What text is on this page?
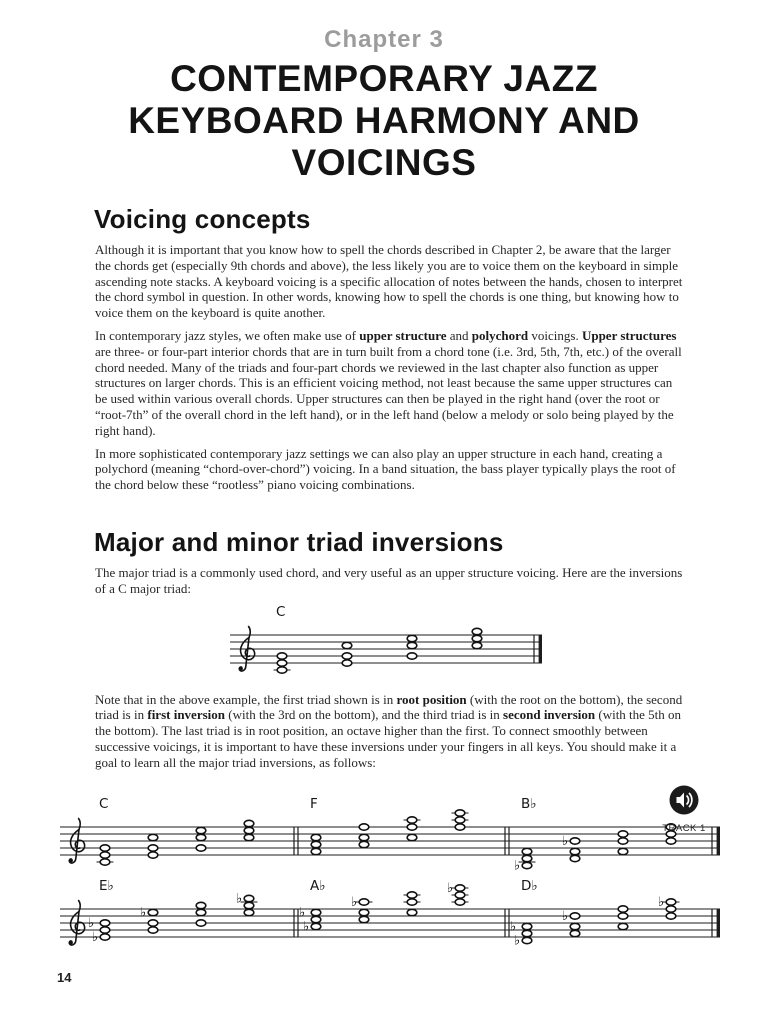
Chapter 3
CONTEMPORARY JAZZ
KEYBOARD HARMONY AND
VOICINGS
Voicing concepts

Although it is important that you know how to spell the chords described in Chapter 2, be aware that the larger the chords get (especially 9th chords and above), the less likely you are to voice them on the keyboard in simple ascending note stacks. A keyboard voicing is a specific allocation of notes between the hands, chosen to interpret the chord symbol in question. In other words, knowing how to spell the chords is one thing, but knowing how to voice them on the keyboard is quite another.

In contemporary jazz styles, we often make use of upper structure and polychord voicings. Upper structures are three- or four-part interior chords that are in turn built from a chord tone (i.e. 3rd, 5th, 7th, etc.) of the overall chord needed. Many of the triads and four-part chords we reviewed in the last chapter also function as upper structures on larger chords. This is an efficient voicing method, not least because the same upper structures can be used within various overall chords. Upper structures can then be played in the right hand (over the root or “root-7th” of the overall chord in the left hand), or in the left hand (below a melody or solo being played by the right hand).

In more sophisticated contemporary jazz settings we can also play an upper structure in each hand, creating a polychord (meaning “chord-over-chord”) voicing. In a band situation, the bass player typically plays the root of the chord below these “rootless” piano voicing combinations.

Major and minor triad inversions

The major triad is a commonly used chord, and very useful as an upper structure voicing. Here are the inversions of a C major triad:

C

Note that in the above example, the first triad shown is in root position (with the root on the bottom), the second triad is in first inversion (with the 3rd on the bottom), and the third triad is in second inversion (with the 5th on the bottom). The last triad is in root position, an octave higher than the first. To connect smoothly between successive voicings, it is important to have these inversions under your fingers in all keys. You should make it a goal to learn all the major triad inversions, as follows:

TRACK 1
C	F	B♭
♭
♭
E♭
♭
♭
♭
♭
A♭
♭
♭
♭
♭	D♭
♭
♭
♭
♭
14
